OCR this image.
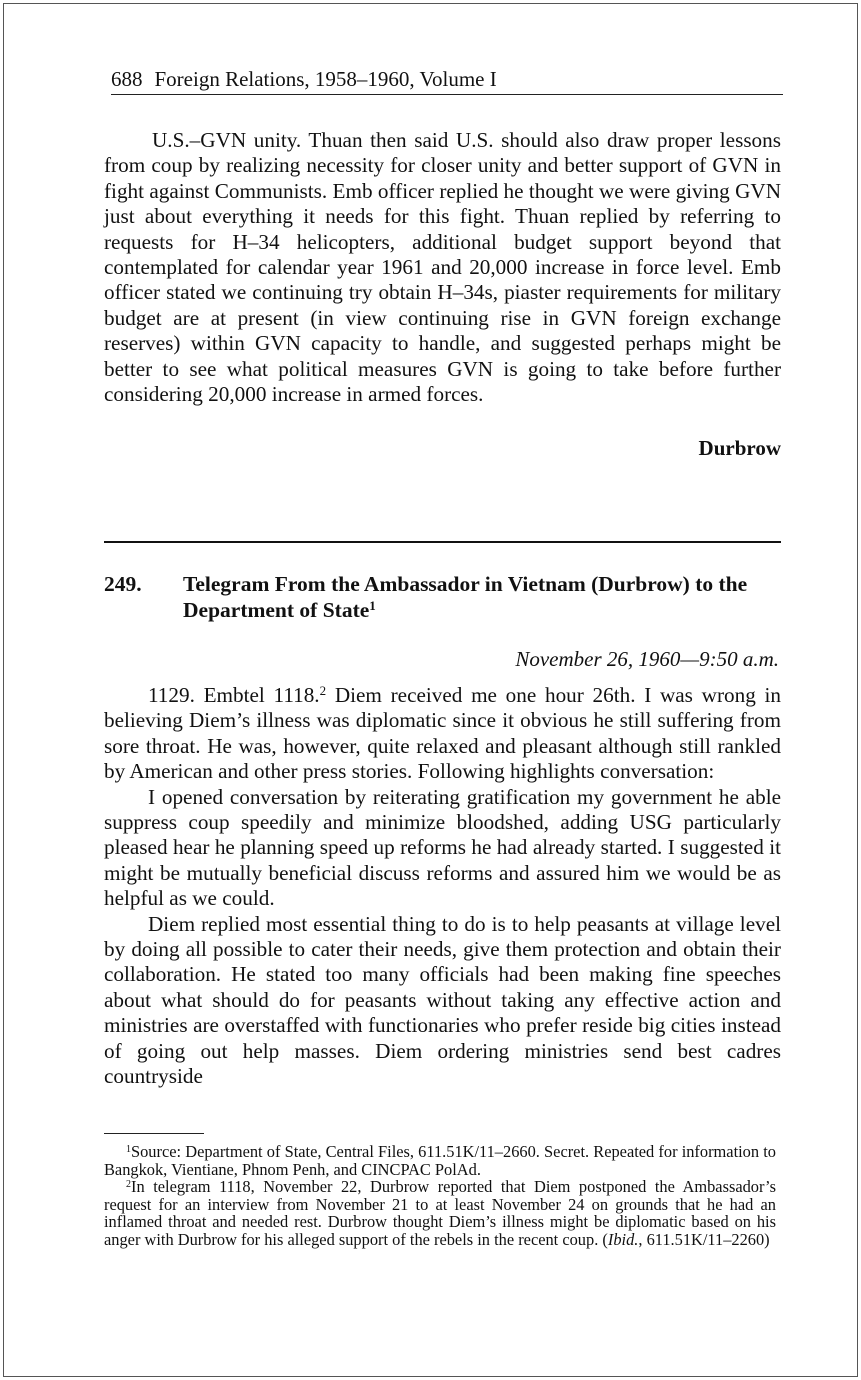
688 Foreign Relations, 1958–1960, Volume I

U.S.–GVN unity. Thuan then said U.S. should also draw proper lessons from coup by realizing necessity for closer unity and better support of GVN in fight against Communists. Emb officer replied he thought we were giving GVN just about everything it needs for this fight. Thuan replied by referring to requests for H–34 helicopters, additional budget support beyond that contemplated for calendar year 1961 and 20,000 increase in force level. Emb officer stated we continuing try obtain H–34s, piaster requirements for military budget are at present (in view continuing rise in GVN foreign exchange reserves) within GVN capacity to handle, and suggested perhaps might be better to see what political measures GVN is going to take before further considering 20,000 increase in armed forces.

Durbrow
249. Telegram From the Ambassador in Vietnam (Durbrow) to the Department of State$^1$
November 26, 1960—9:50 a.m.

1129. Embtel 1118.$^2$ Diem received me one hour 26th. I was wrong in believing Diem’s illness was diplomatic since it obvious he still suffering from sore throat. He was, however, quite relaxed and pleasant although still rankled by American and other press stories. Following highlights conversation:

I opened conversation by reiterating gratification my government he able suppress coup speedily and minimize bloodshed, adding USG particularly pleased hear he planning speed up reforms he had already started. I suggested it might be mutually beneficial discuss reforms and assured him we would be as helpful as we could.

Diem replied most essential thing to do is to help peasants at village level by doing all possible to cater their needs, give them protection and obtain their collaboration. He stated too many officials had been making fine speeches about what should do for peasants without taking any effective action and ministries are overstaffed with functionaries who prefer reside big cities instead of going out help masses. Diem ordering ministries send best cadres countryside

$^1$Source: Department of State, Central Files, 611.51K/11–2660. Secret. Repeated for information to Bangkok, Vientiane, Phnom Penh, and CINCPAC PolAd.

$^2$In telegram 1118, November 22, Durbrow reported that Diem postponed the Ambassador’s request for an interview from November 21 to at least November 24 on grounds that he had an inflamed throat and needed rest. Durbrow thought Diem’s illness might be diplomatic based on his anger with Durbrow for his alleged support of the rebels in the recent coup. (Ibid., 611.51K/11–2260)
